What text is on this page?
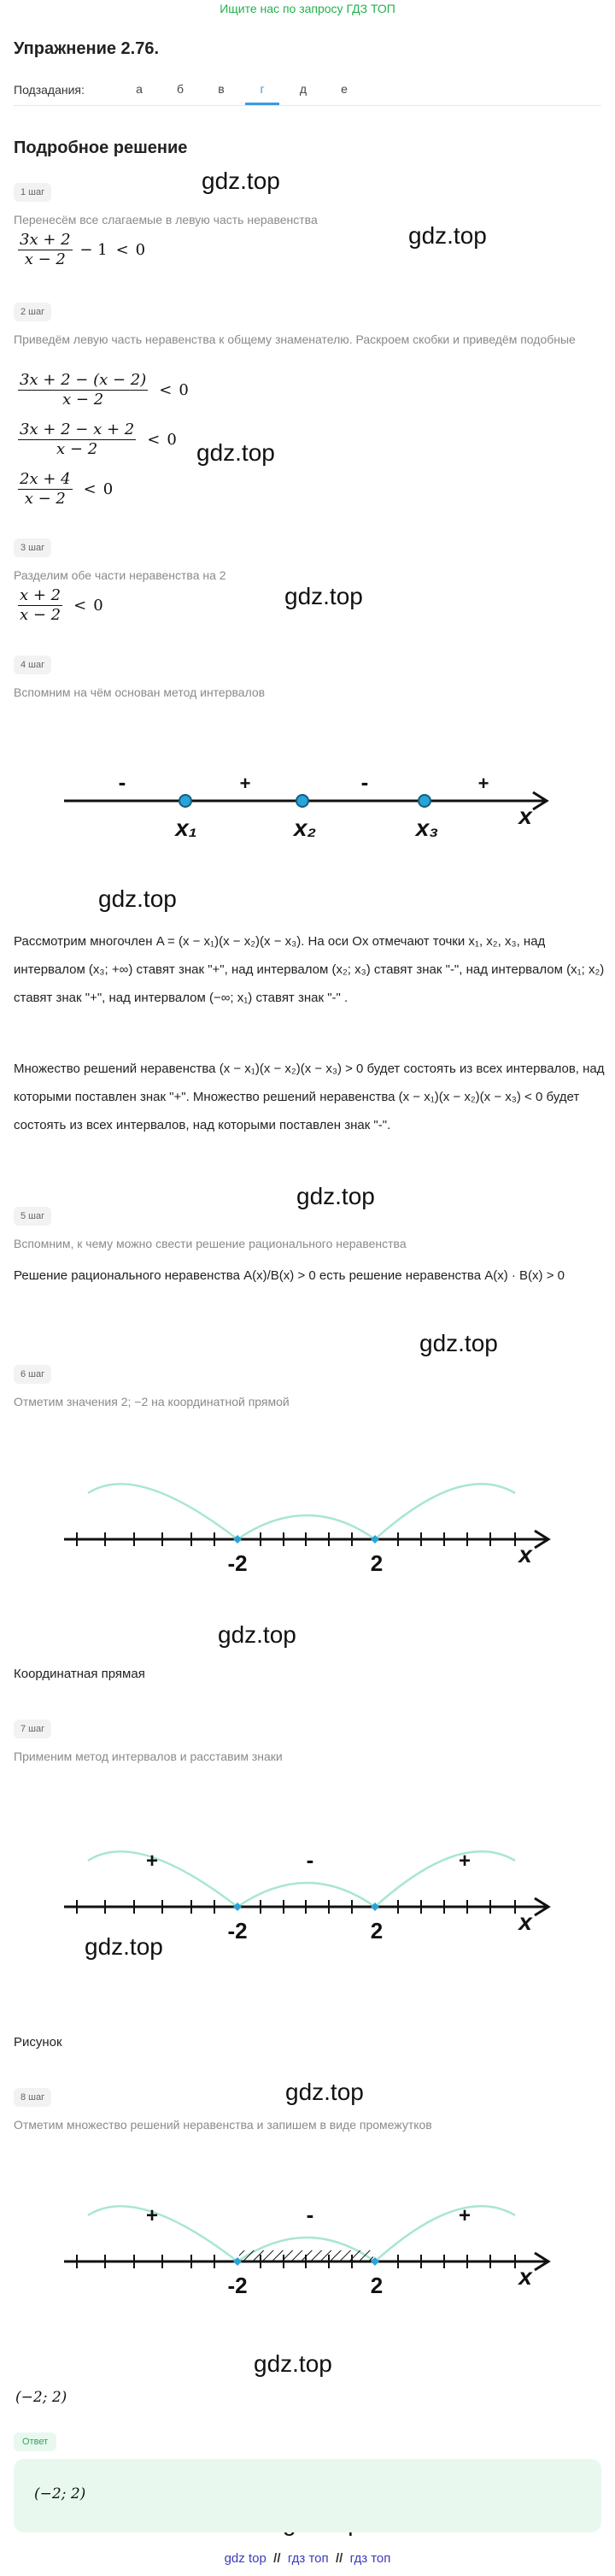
Ищите нас по запросу ГДЗ ТОП
Упражнение 2.76.
Подзадания:	а	б	в	г	д	е
Подробное решение
gdz.top
gdz.top
gdz.top
gdz.top
gdz.top
gdz.top
gdz.top
gdz.top
gdz.top
gdz.top
gdz.top
1 шаг
Перенесём все слагаемые в левую часть неравенства
$\frac{3x + 2}{x - 2} - 1 < 0$
2 шаг
Приведём левую часть неравенства к общему знаменателю. Раскроем скобки и приведём подобные
$\frac{3x + 2 - (x - 2)}{x - 2} < 0$
$\frac{3x + 2 - x + 2}{x - 2} < 0$
$\frac{2x + 4}{x - 2} < 0$
3 шаг
Разделим обе части неравенства на 2
$\frac{x + 2}{x - 2} < 0$
4 шаг
Вспомним на чём основан метод интервалов
-	+	-	+
x₁	x₂	x₃	x
Рассмотрим многочлен A = (x − x₁)(x − x₂)(x − x₃). На оси Ox отмечают точки x₁, x₂, x₃, над интервалом (x₃; +∞) ставят знак "+", над интервалом (x₂; x₃) ставят знак "-", над интервалом (x₁; x₂) ставят знак "+", над интервалом (−∞; x₁) ставят знак "-" .
Множество решений неравенства (x − x₁)(x − x₂)(x − x₃) > 0 будет состоять из всех интервалов, над которыми поставлен знак "+". Множество решений неравенства (x − x₁)(x − x₂)(x − x₃) < 0 будет состоять из всех интервалов, над которыми поставлен знак "-".
5 шаг
Вспомним, к чему можно свести решение рационального неравенства
Решение рационального неравенства A(x)/B(x) > 0 есть решение неравенства A(x) · B(x) > 0
6 шаг
Отметим значения 2; −2 на координатной прямой
-2	2	x
Координатная прямая
7 шаг
Применим метод интервалов и расставим знаки
+	-	+
-2	2	x
Рисунок
8 шаг
Отметим множество решений неравенства и запишем в виде промежутков
+	-	+
-2	2	x
(−2; 2)
Ответ
(−2; 2)
gdz top // гдз топ // гдз топ
